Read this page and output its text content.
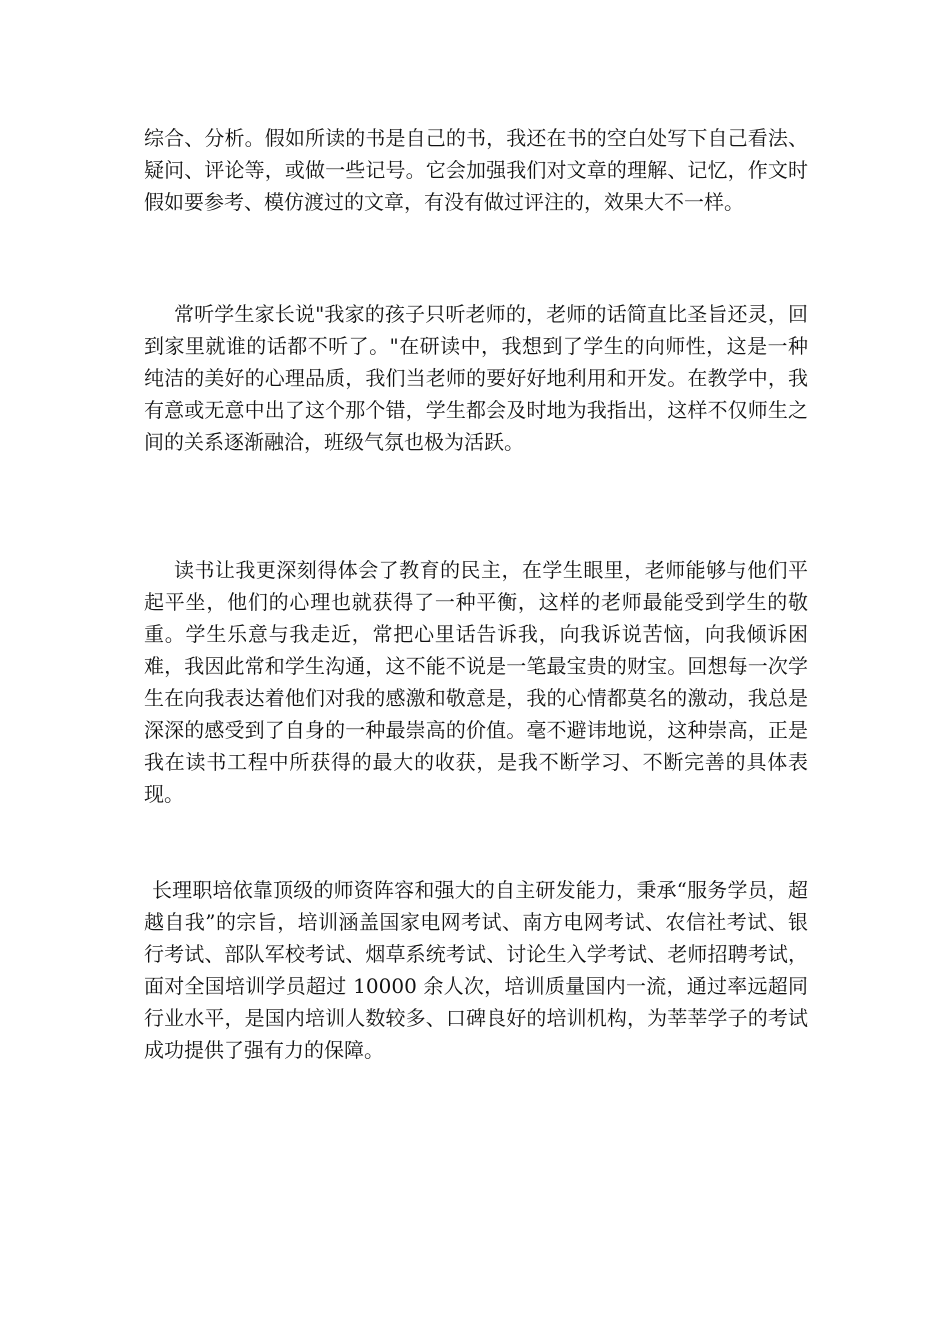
综合、分析。假如所读的书是自己的书，我还在书的空白处写下自己看法、疑问、评论等，或做一些记号。它会加强我们对文章的理解、记忆，作文时假如要参考、模仿渡过的文章，有没有做过评注的，效果大不一样。

常听学生家长说"我家的孩子只听老师的，老师的话简直比圣旨还灵，回到家里就谁的话都不听了。"在研读中，我想到了学生的向师性，这是一种纯洁的美好的心理品质，我们当老师的要好好地利用和开发。在教学中，我有意或无意中出了这个那个错，学生都会及时地为我指出，这样不仅师生之间的关系逐渐融洽，班级气氛也极为活跃。

读书让我更深刻得体会了教育的民主，在学生眼里，老师能够与他们平起平坐，他们的心理也就获得了一种平衡，这样的老师最能受到学生的敬重。学生乐意与我走近，常把心里话告诉我，向我诉说苦恼，向我倾诉困难，我因此常和学生沟通，这不能不说是一笔最宝贵的财宝。回想每一次学生在向我表达着他们对我的感激和敬意是，我的心情都莫名的激动，我总是深深的感受到了自身的一种最崇高的价值。毫不避讳地说，这种崇高，正是我在读书工程中所获得的最大的收获，是我不断学习、不断完善的具体表现。

长理职培依靠顶级的师资阵容和强大的自主研发能力，秉承“服务学员，超越自我”的宗旨，培训涵盖国家电网考试、南方电网考试、农信社考试、银行考试、部队军校考试、烟草系统考试、讨论生入学考试、老师招聘考试，面对全国培训学员超过 10000 余人次，培训质量国内一流，通过率远超同行业水平，是国内培训人数较多、口碑良好的培训机构，为莘莘学子的考试成功提供了强有力的保障。
